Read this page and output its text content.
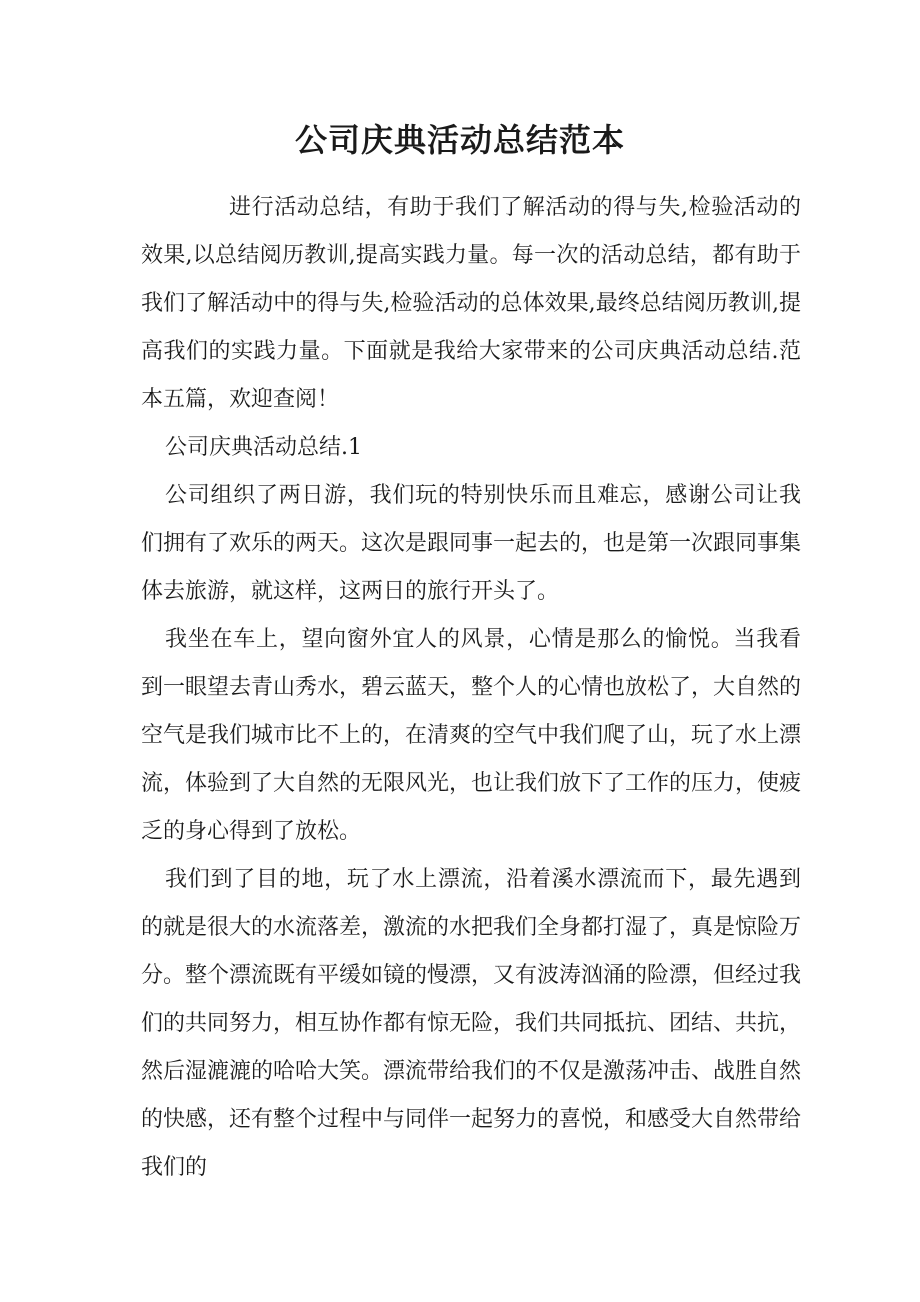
公司庆典活动总结范本

进行活动总结，有助于我们了解活动的得与失,检验活动的效果,以总结阅历教训,提高实践力量。每一次的活动总结，都有助于我们了解活动中的得与失,检验活动的总体效果,最终总结阅历教训,提高我们的实践力量。下面就是我给大家带来的公司庆典活动总结.范本五篇，欢迎查阅！

公司庆典活动总结.1

公司组织了两日游，我们玩的特别快乐而且难忘，感谢公司让我们拥有了欢乐的两天。这次是跟同事一起去的，也是第一次跟同事集体去旅游，就这样，这两日的旅行开头了。

我坐在车上，望向窗外宜人的风景，心情是那么的愉悦。当我看到一眼望去青山秀水，碧云蓝天，整个人的心情也放松了，大自然的空气是我们城市比不上的，在清爽的空气中我们爬了山，玩了水上漂流，体验到了大自然的无限风光，也让我们放下了工作的压力，使疲乏的身心得到了放松。

我们到了目的地，玩了水上漂流，沿着溪水漂流而下，最先遇到的就是很大的水流落差，激流的水把我们全身都打湿了，真是惊险万分。整个漂流既有平缓如镜的慢漂，又有波涛汹涌的险漂，但经过我们的共同努力，相互协作都有惊无险，我们共同抵抗、团结、共抗，然后湿漉漉的哈哈大笑。漂流带给我们的不仅是激荡冲击、战胜自然的快感，还有整个过程中与同伴一起努力的喜悦，和感受大自然带给我们的
